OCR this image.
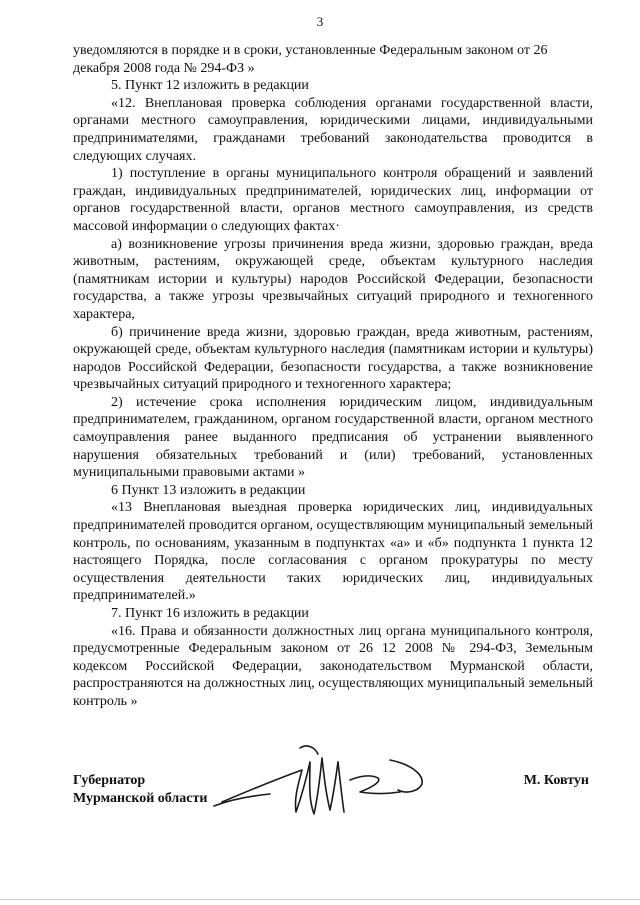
3

уведомляются в порядке и в сроки, установленные Федеральным законом от 26 декабря 2008 года № 294-ФЗ »

5. Пункт 12 изложить в редакции

«12. Внеплановая проверка соблюдения органами государственной власти, органами местного самоуправления, юридическими лицами, индивидуальными предпринимателями, гражданами требований законодательства проводится в следующих случаях.

1) поступление в органы муниципального контроля обращений и заявлений граждан, индивидуальных предпринимателей, юридических лиц, информации от органов государственной власти, органов местного самоуправления, из средств массовой информации о следующих фактах·

а) возникновение угрозы причинения вреда жизни, здоровью граждан, вреда животным, растениям, окружающей среде, объектам культурного наследия (памятникам истории и культуры) народов Российской Федерации, безопасности государства, а также угрозы чрезвычайных ситуаций природного и техногенного характера,

б) причинение вреда жизни, здоровью граждан, вреда животным, растениям, окружающей среде, объектам культурного наследия (памятникам истории и культуры) народов Российской Федерации, безопасности государства, а также возникновение чрезвычайных ситуаций природного и техногенного характера;

2) истечение срока исполнения юридическим лицом, индивидуальным предпринимателем, гражданином, органом государственной власти, органом местного самоуправления ранее выданного предписания об устранении выявленного нарушения обязательных требований и (или) требований, установленных муниципальными правовыми актами »

6 Пункт 13 изложить в редакции

«13 Внеплановая выездная проверка юридических лиц, индивидуальных предпринимателей проводится органом, осуществляющим муниципальный земельный контроль, по основаниям, указанным в подпунктах «а» и «б» подпункта 1 пункта 12 настоящего Порядка, после согласования с органом прокуратуры по месту осуществления деятельности таких юридических лиц, индивидуальных предпринимателей.»

7. Пункт 16 изложить в редакции

«16. Права и обязанности должностных лиц органа муниципального контроля, предусмотренные Федеральным законом от 26 12 2008 № 294-ФЗ, Земельным кодексом Российской Федерации, законодательством Мурманской области, распространяются на должностных лиц, осуществляющих муниципальный земельный контроль »

Губернатор
Мурманской области
М. Ковтун
